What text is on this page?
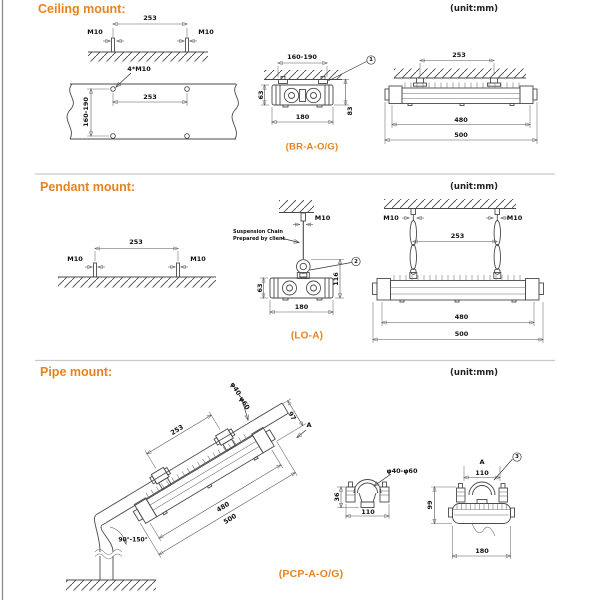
Ceiling mount:	(unit:mm)
253
M10	M10
4*M10
253
160-190
160-190
63
83
180
1
253
480
500
(BR-A-O/G)
Pendant mount:	(unit:mm)
253
M10	M10
Suspension Chain
Prepared by client
M10
2
116
63
180
(LO-A)
M10	M10
253
480
500
Pipe mount:	(unit:mm)
φ40-φ60
97
A
253
480
500
90°-150°
φ40-φ60
36
110
A
3
110
99
180
(PCP-A-O/G)
